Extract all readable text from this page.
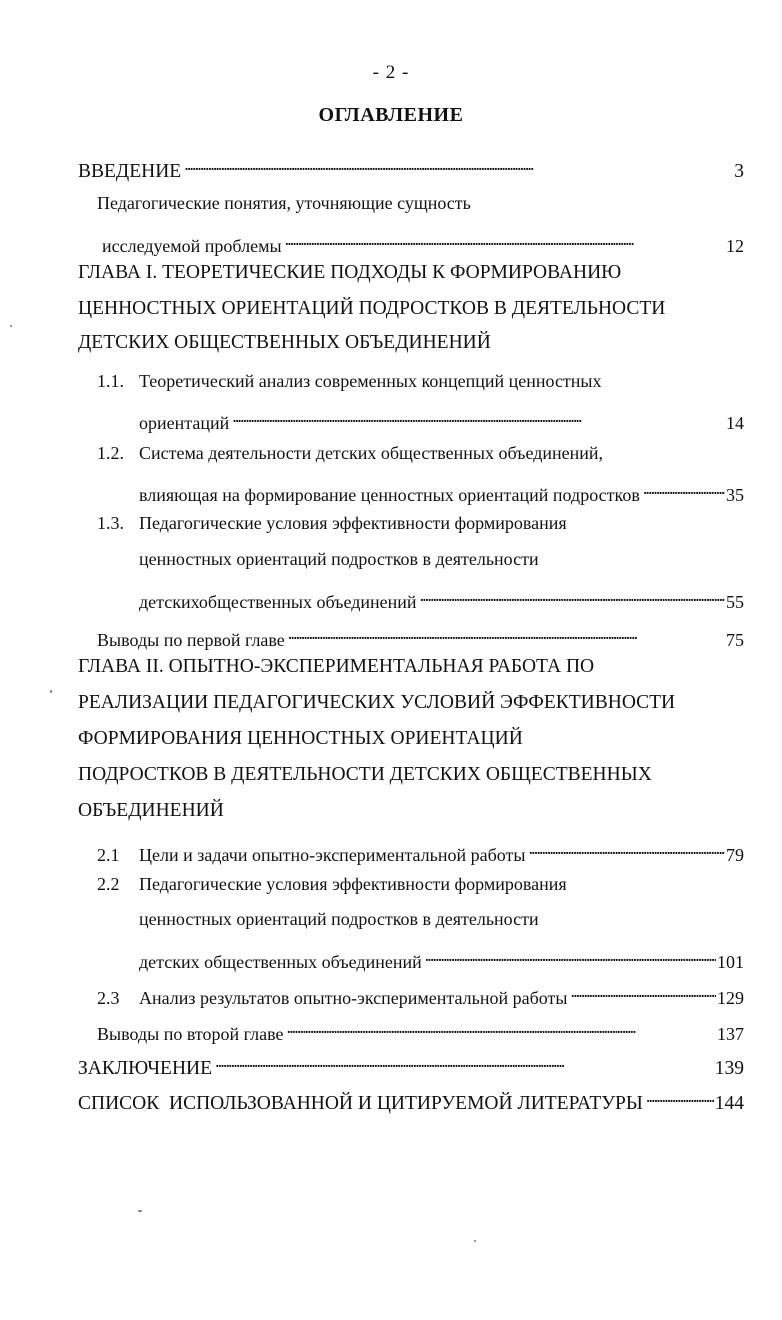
- 2 -
ОГЛАВЛЕНИЕ
ВВЕДЕНИЕ . . .	3
Педагогические понятия, уточняющие сущность
исследуемой проблемы . . .	12
ГЛАВА I. ТЕОРЕТИЧЕСКИЕ ПОДХОДЫ К ФОРМИРОВАНИЮ
ЦЕННОСТНЫХ ОРИЕНТАЦИЙ ПОДРОСТКОВ В ДЕЯТЕЛЬНОСТИ
ДЕТСКИХ ОБЩЕСТВЕННЫХ ОБЪЕДИНЕНИЙ
1.1. Теоретический анализ современных концепций ценностных
ориентаций . . .	14
1.2. Система деятельности детских общественных объединений,
влияющая на формирование ценностных ориентаций подростков . . .	35
1.3. Педагогические условия эффективности формирования
ценностных ориентаций подростков в деятельности
детскихобщественных объединений . . .	55
Выводы по первой главе . . .	75
ГЛАВА II. ОПЫТНО-ЭКСПЕРИМЕНТАЛЬНАЯ РАБОТА ПО
РЕАЛИЗАЦИИ ПЕДАГОГИЧЕСКИХ УСЛОВИЙ ЭФФЕКТИВНОСТИ
ФОРМИРОВАНИЯ ЦЕННОСТНЫХ ОРИЕНТАЦИЙ
ПОДРОСТКОВ В ДЕЯТЕЛЬНОСТИ ДЕТСКИХ ОБЩЕСТВЕННЫХ
ОБЪЕДИНЕНИЙ
2.1	Цели и задачи опытно-экспериментальной работы . . .	79
2.2	Педагогические условия эффективности формирования
ценностных ориентаций подростков в деятельности
детских общественных объединений . . .	101
2.3	Анализ результатов опытно-экспериментальной работы . . .	129
Выводы по второй главе . . .	137
ЗАКЛЮЧЕНИЕ . . .	139
СПИСОК  ИСПОЛЬЗОВАННОЙ И ЦИТИРУЕМОЙ ЛИТЕРАТУРЫ . . .	144
